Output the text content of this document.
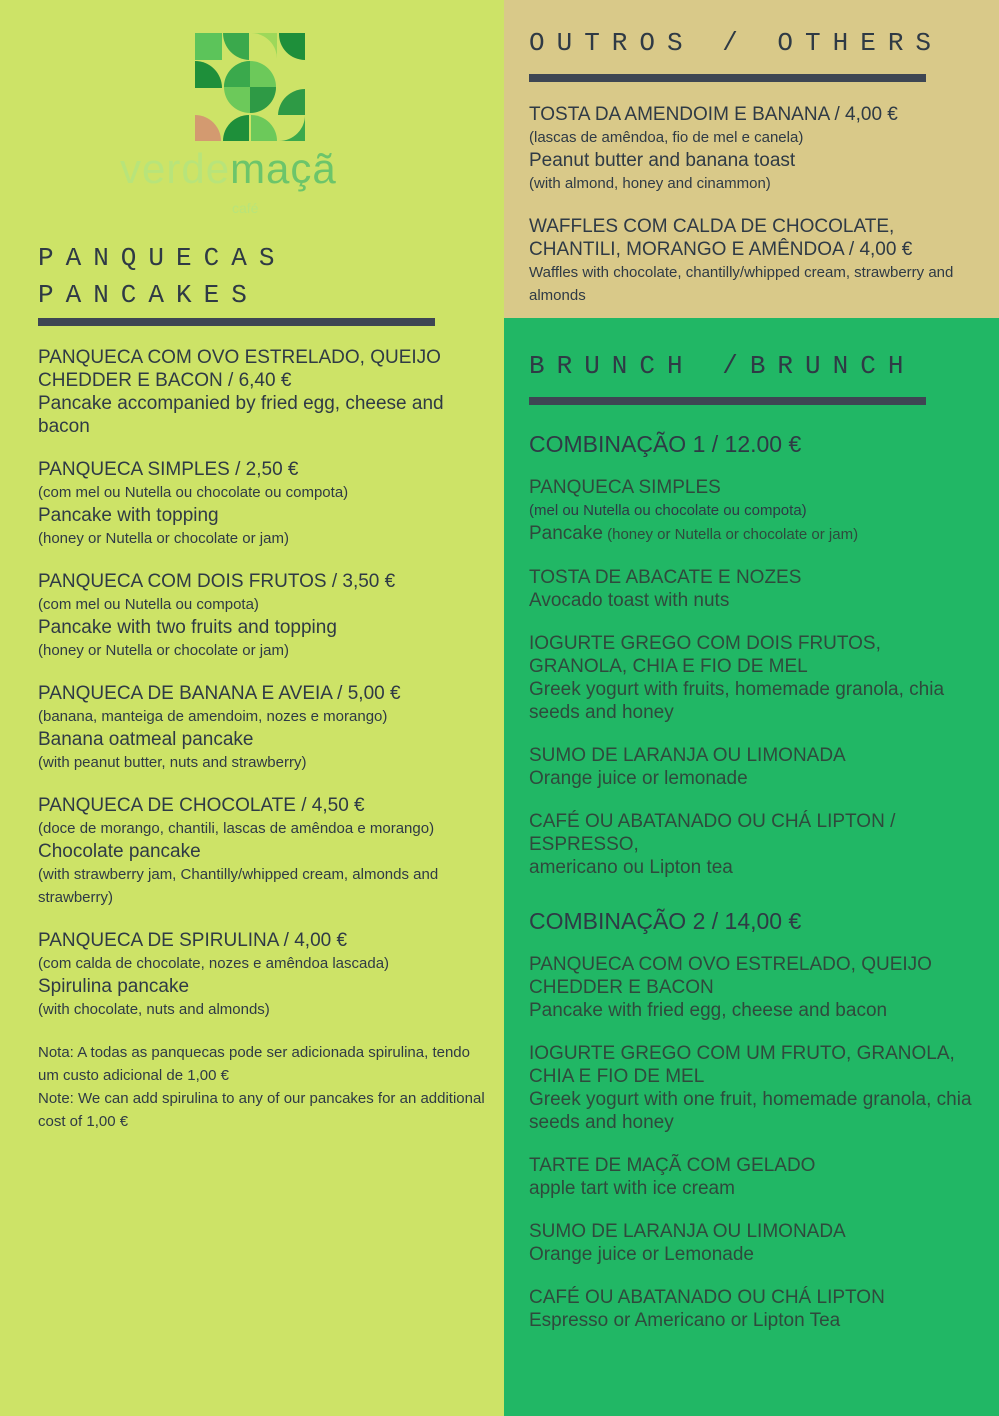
verdemaçã
café
PANQUECAS
PANCAKES
PANQUECA COM OVO ESTRELADO, QUEIJO CHEDDER E BACON / 6,40 €
Pancake accompanied by fried egg, cheese and bacon
PANQUECA SIMPLES / 2,50 €
(com mel ou Nutella ou chocolate ou compota)
Pancake with topping
(honey or Nutella or chocolate or jam)
PANQUECA COM DOIS FRUTOS / 3,50 €
(com mel ou Nutella ou compota)
Pancake with two fruits and topping
(honey or Nutella or chocolate or jam)
PANQUECA DE BANANA E AVEIA / 5,00 €
(banana, manteiga de amendoim, nozes e morango)
Banana oatmeal pancake
(with peanut butter, nuts and strawberry)
PANQUECA DE CHOCOLATE / 4,50 €
(doce de morango, chantili, lascas de amêndoa e morango)
Chocolate pancake
(with strawberry jam, Chantilly/whipped cream, almonds and strawberry)
PANQUECA DE SPIRULINA / 4,00 €
(com calda de chocolate, nozes e amêndoa lascada)
Spirulina pancake
(with chocolate, nuts and almonds)
Nota: A todas as panquecas pode ser adicionada spirulina, tendo um custo adicional de 1,00 €
Note: We can add spirulina to any of our pancakes for an additional cost of 1,00 €
OUTROS / OTHERS
TOSTA DA AMENDOIM E BANANA / 4,00 €
(lascas de amêndoa, fio de mel e canela)
Peanut butter and banana toast
(with almond, honey and cinammon)
WAFFLES COM CALDA DE CHOCOLATE, CHANTILI, MORANGO E AMÊNDOA / 4,00 €
Waffles with chocolate, chantilly/whipped cream, strawberry and almonds
BRUNCH /BRUNCH
COMBINAÇÃO 1 / 12.00 €
PANQUECA SIMPLES
(mel ou Nutella ou chocolate ou compota)
Pancake (honey or Nutella or chocolate or jam)
TOSTA DE ABACATE E NOZES
Avocado toast with nuts
IOGURTE GREGO COM DOIS FRUTOS, GRANOLA, CHIA E FIO DE MEL
Greek yogurt with fruits, homemade granola, chia seeds and honey
SUMO DE LARANJA OU LIMONADA
Orange juice or lemonade
CAFÉ OU ABATANADO OU CHÁ LIPTON / ESPRESSO,
americano ou Lipton tea
COMBINAÇÃO 2 / 14,00 €
PANQUECA COM OVO ESTRELADO, QUEIJO CHEDDER E BACON
Pancake with fried egg, cheese and bacon
IOGURTE GREGO COM UM FRUTO, GRANOLA, CHIA E FIO DE MEL
Greek yogurt with one fruit, homemade granola, chia seeds and honey
TARTE DE MAÇÃ COM GELADO
apple tart with ice cream
SUMO DE LARANJA OU LIMONADA
Orange juice or Lemonade
CAFÉ OU ABATANADO OU CHÁ LIPTON
Espresso or Americano or Lipton Tea
